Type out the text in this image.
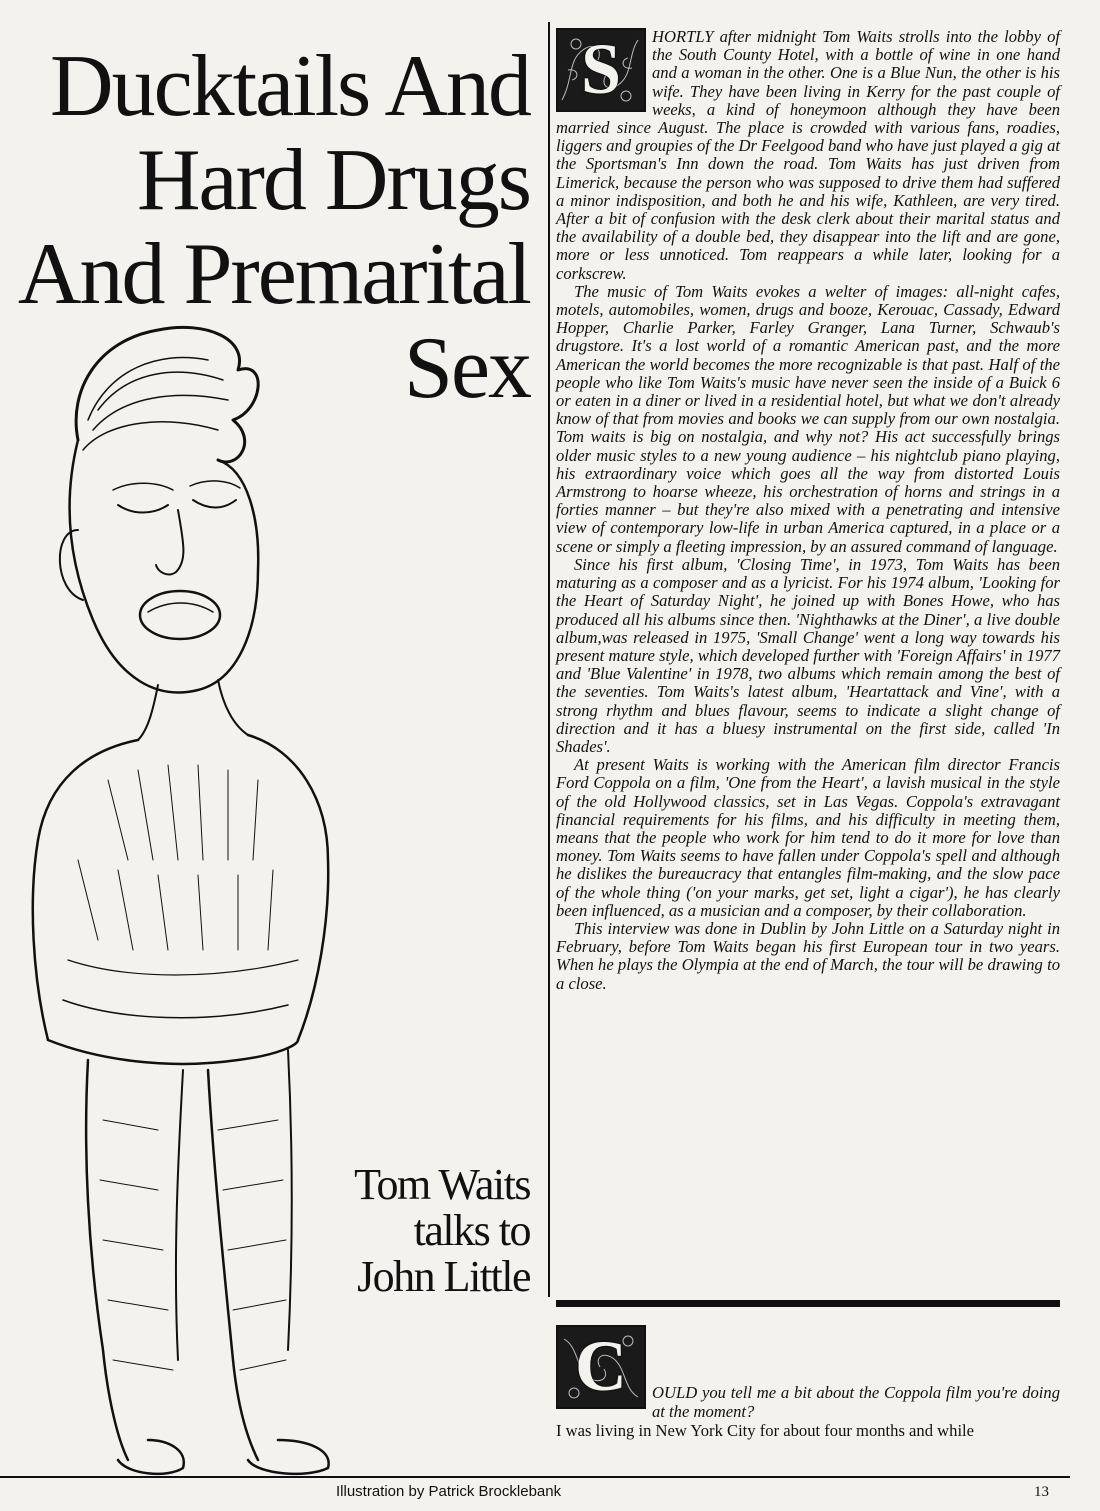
Ducktails And
Hard Drugs
And Premarital
Sex
Tom Waits
talks to
John Little
S	HORTLY after midnight Tom Waits strolls into the lobby of the South County Hotel, with a bottle of wine in one hand and a woman in the other. One is a Blue Nun, the other is his wife. They have been living in Kerry for the past couple of weeks, a kind of honeymoon although they have been married since August. The place is crowded with various fans, roadies, liggers and groupies of the Dr Feelgood band who have just played a gig at the Sportsman's Inn down the road. Tom Waits has just driven from Limerick, because the person who was supposed to drive them had suffered a minor indisposition, and both he and his wife, Kathleen, are very tired. After a bit of confusion with the desk clerk about their marital status and the availability of a double bed, they disappear into the lift and are gone, more or less unnoticed. Tom reappears a while later, looking for a corkscrew.

The music of Tom Waits evokes a welter of images: all-night cafes, motels, automobiles, women, drugs and booze, Kerouac, Cassady, Edward Hopper, Charlie Parker, Farley Granger, Lana Turner, Schwaub's drugstore. It's a lost world of a romantic American past, and the more American the world becomes the more recognizable is that past. Half of the people who like Tom Waits's music have never seen the inside of a Buick 6 or eaten in a diner or lived in a residential hotel, but what we don't already know of that from movies and books we can supply from our own nostalgia. Tom waits is big on nostalgia, and why not? His act successfully brings older music styles to a new young audience – his nightclub piano playing, his extraordinary voice which goes all the way from distorted Louis Armstrong to hoarse wheeze, his orchestration of horns and strings in a forties manner – but they're also mixed with a penetrating and intensive view of contemporary low-life in urban America captured, in a place or a scene or simply a fleeting impression, by an assured command of language.

Since his first album, 'Closing Time', in 1973, Tom Waits has been maturing as a composer and as a lyricist. For his 1974 album, 'Looking for the Heart of Saturday Night', he joined up with Bones Howe, who has produced all his albums since then. 'Nighthawks at the Diner', a live double album,was released in 1975, 'Small Change' went a long way towards his present mature style, which developed further with 'Foreign Affairs' in 1977 and 'Blue Valentine' in 1978, two albums which remain among the best of the seventies. Tom Waits's latest album, 'Heartattack and Vine', with a strong rhythm and blues flavour, seems to indicate a slight change of direction and it has a bluesy instrumental on the first side, called 'In Shades'.

At present Waits is working with the American film director Francis Ford Coppola on a film, 'One from the Heart', a lavish musical in the style of the old Hollywood classics, set in Las Vegas. Coppola's extravagant financial requirements for his films, and his difficulty in meeting them, means that the people who work for him tend to do it more for love than money. Tom Waits seems to have fallen under Coppola's spell and although he dislikes the bureaucracy that entangles film-making, and the slow pace of the whole thing ('on your marks, get set, light a cigar'), he has clearly been influenced, as a musician and a composer, by their collaboration.

This interview was done in Dublin by John Little on a Saturday night in February, before Tom Waits began his first European tour in two years. When he plays the Olympia at the end of March, the tour will be drawing to a close.

C	OULD you tell me a bit about the Coppola film you're doing at the moment?

I was living in New York City for about four months and while

Illustration by Patrick Brocklebank	13
